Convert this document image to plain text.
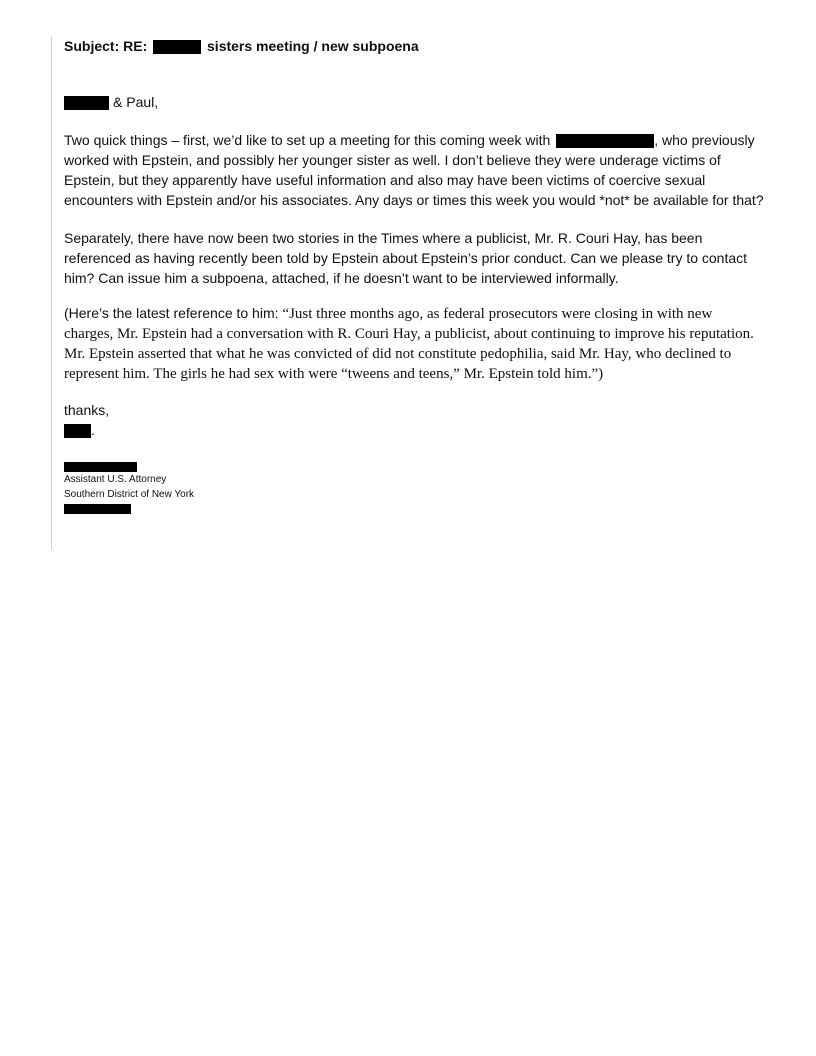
Subject: RE:	sisters meeting / new subpoena

& Paul,

Two quick things – first, we’d like to set up a meeting for this coming week with	, who previously worked with Epstein, and possibly her younger sister as well. I don’t believe they were underage victims of Epstein, but they apparently have useful information and also may have been victims of coercive sexual encounters with Epstein and/or his associates. Any days or times this week you would *not* be available for that?

Separately, there have now been two stories in the Times where a publicist, Mr. R. Couri Hay, has been referenced as having recently been told by Epstein about Epstein’s prior conduct. Can we please try to contact him? Can issue him a subpoena, attached, if he doesn’t want to be interviewed informally.

(Here’s the latest reference to him: “Just three months ago, as federal prosecutors were closing in with new charges, Mr. Epstein had a conversation with R. Couri Hay, a publicist, about continuing to improve his reputation. Mr. Epstein asserted that what he was convicted of did not constitute pedophilia, said Mr. Hay, who declined to represent him. The girls he had sex with were “tweens and teens,” Mr. Epstein told him.”)

thanks,

.

Assistant U.S. Attorney
Southern District of New York
